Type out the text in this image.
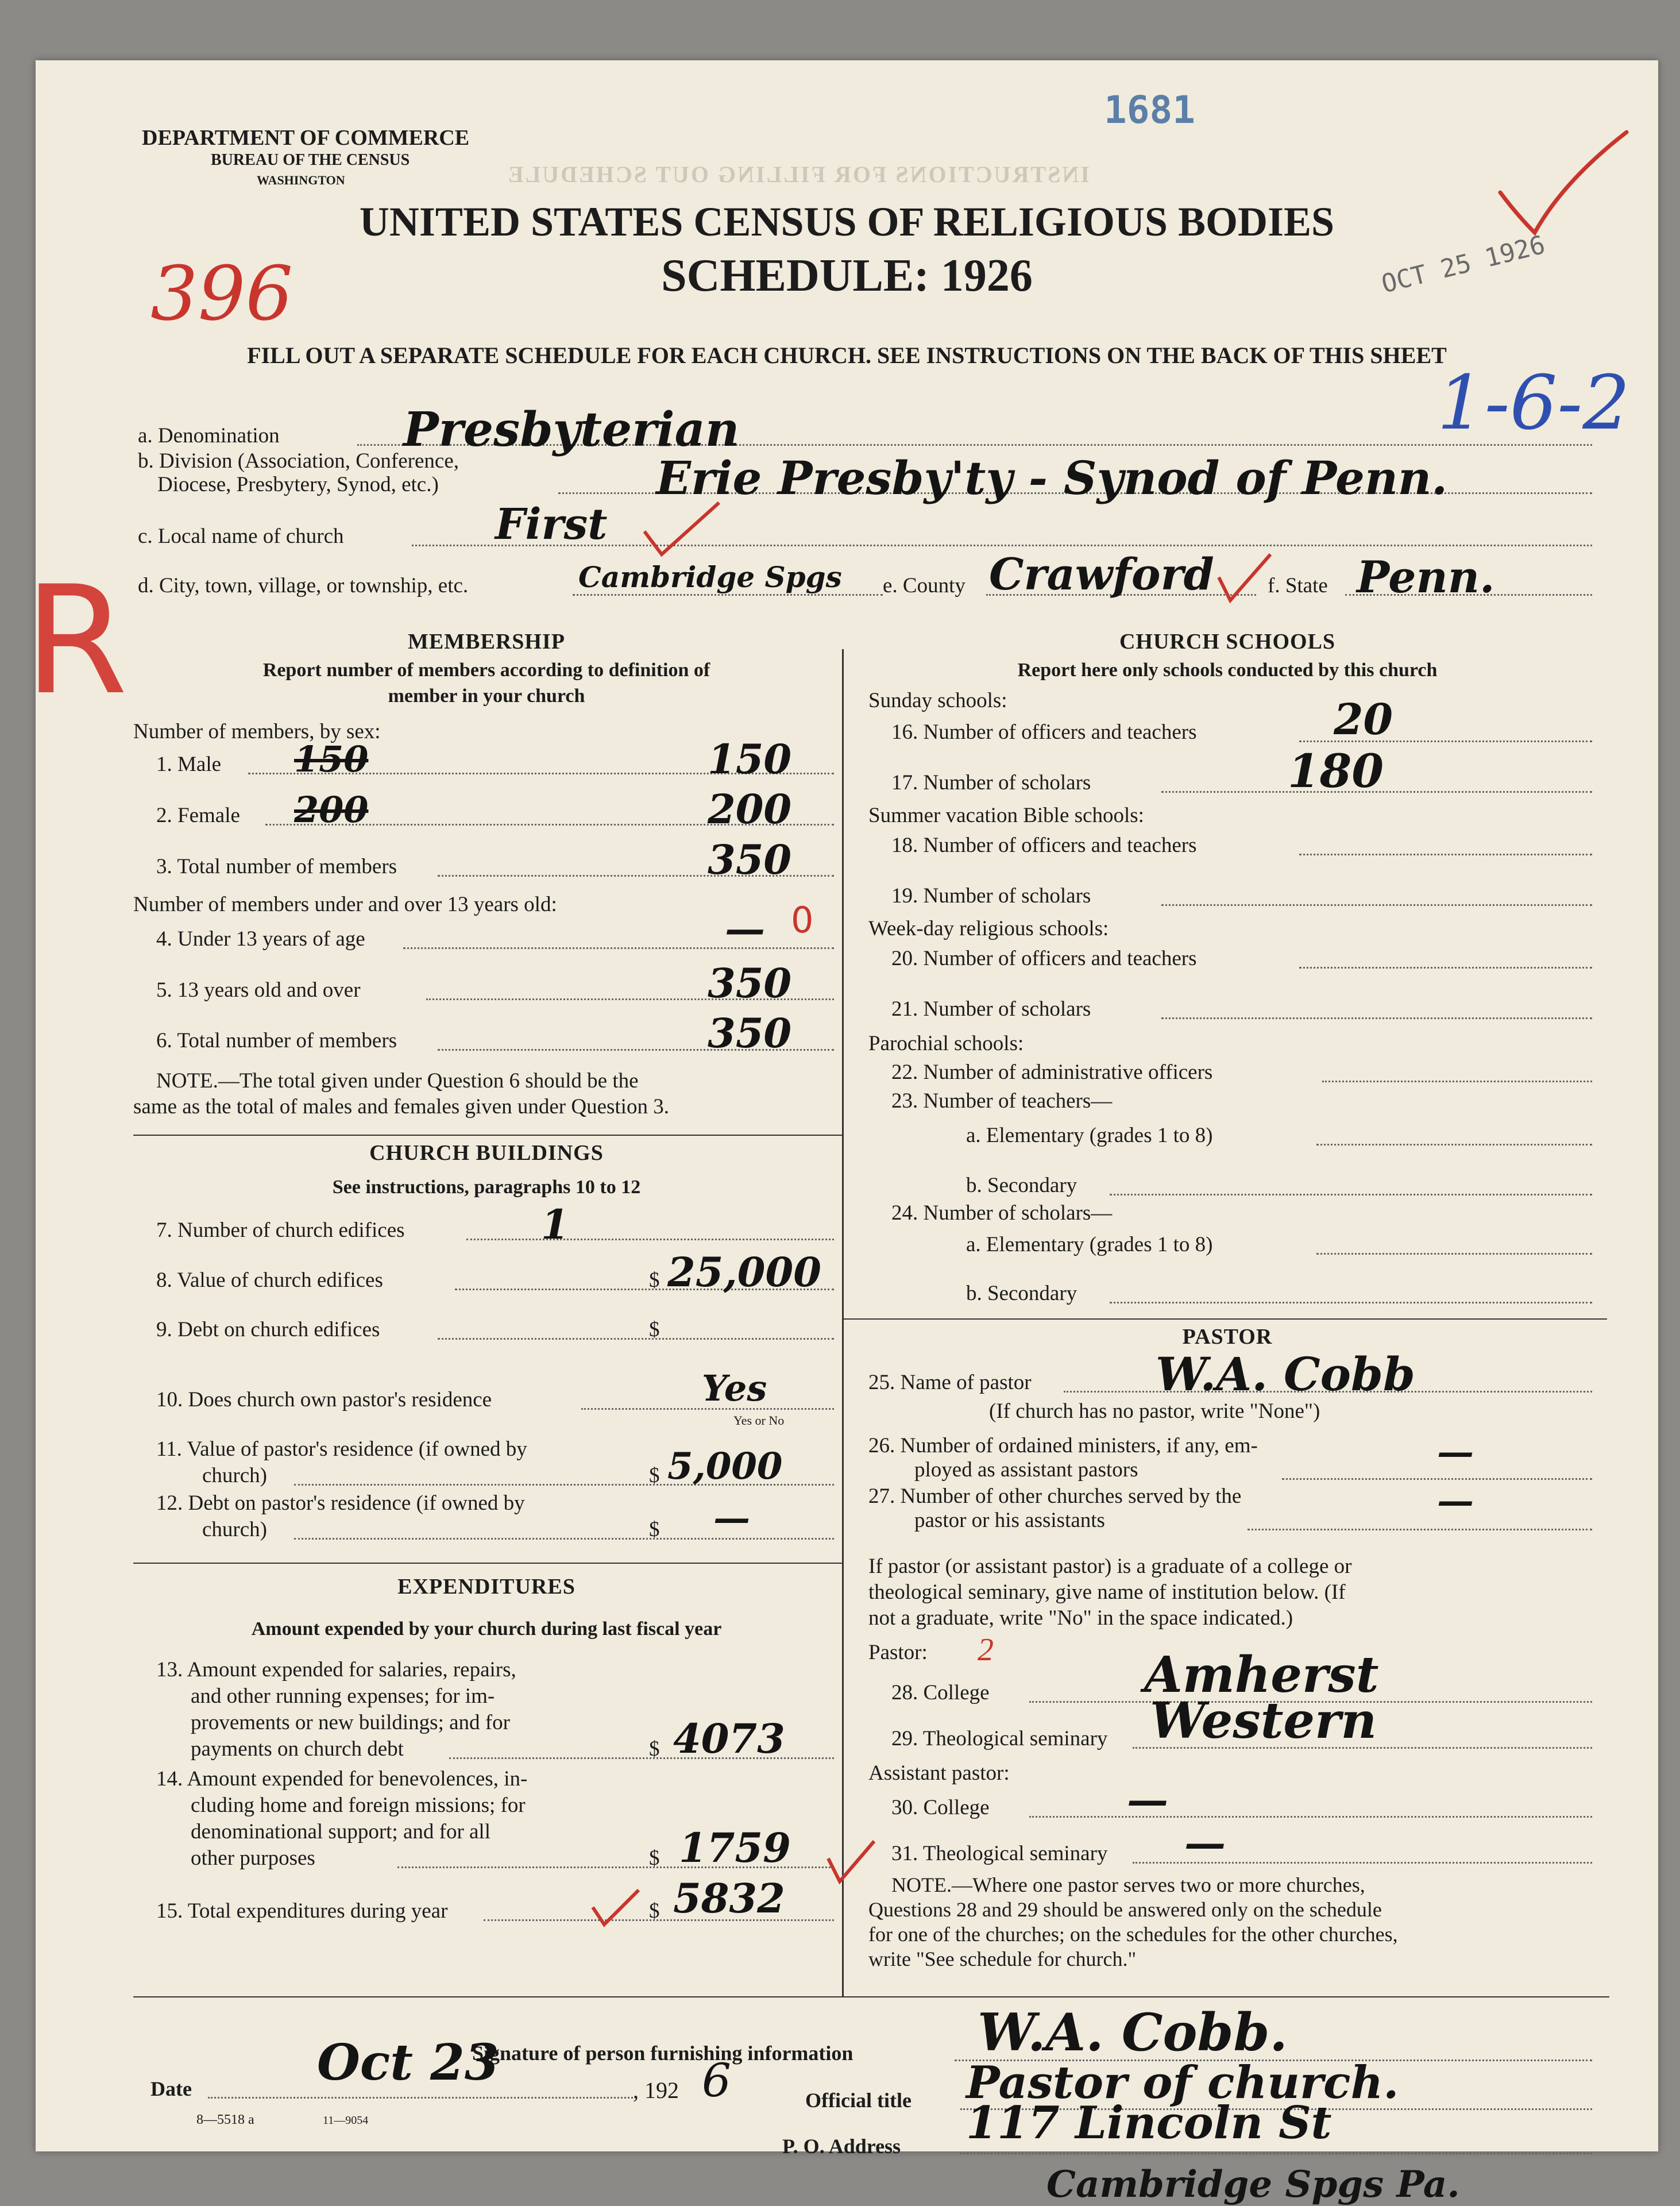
INSTRUCTIONS FOR FILLING OUT SCHEDULE
1681
DEPARTMENT OF COMMERCE
BUREAU OF THE CENSUS
WASHINGTON
UNITED STATES CENSUS OF RELIGIOUS BODIES
SCHEDULE: 1926
396	OCT 25 1926
FILL OUT A SEPARATE SCHEDULE FOR EACH CHURCH. SEE INSTRUCTIONS ON THE BACK OF THIS SHEET
1-6-2
R
a. Denomination	Presbyterian
b. Division (Association, Conference,
Diocese, Presbytery, Synod, etc.)	Erie Presby'ty - Synod of Penn.
c. Local name of church	First
d. City, town, village, or township, etc.	Cambridge Spgs e. County Crawford	f. State Penn.
MEMBERSHIP
Report number of members according to definition of
member in your church
Number of members, by sex:
1. Male 150	150
2. Female 200	200
3. Total number of members	350
Number of members under and over 13 years old:
4. Under 13 years of age	— 0
5. 13 years old and over	350
6. Total number of members	350
NOTE.—The total given under Question 6 should be the
same as the total of males and females given under Question 3.
CHURCH BUILDINGS
See instructions, paragraphs 10 to 12
7. Number of church edifices	1
8. Value of church edifices	$ 25,000
9. Debt on church edifices	$
10. Does church own pastor's residence	Yes
Yes or No
11. Value of pastor's residence (if owned by
church)	$ 5,000
12. Debt on pastor's residence (if owned by
church)	$ —
EXPENDITURES
Amount expended by your church during last fiscal year
13. Amount expended for salaries, repairs,
and other running expenses; for im-
provements or new buildings; and for
payments on church debt	$ 4073
14. Amount expended for benevolences, in-
cluding home and foreign missions; for
denominational support; and for all
other purposes	$ 1759
15. Total expenditures during year	$ 5832
CHURCH SCHOOLS
Report here only schools conducted by this church
Sunday schools:
16. Number of officers and teachers	20
17. Number of scholars	180
Summer vacation Bible schools:
18. Number of officers and teachers
19. Number of scholars
Week-day religious schools:
20. Number of officers and teachers
21. Number of scholars
Parochial schools:
22. Number of administrative officers
23. Number of teachers—
a. Elementary (grades 1 to 8)
b. Secondary
24. Number of scholars—
a. Elementary (grades 1 to 8)
b. Secondary
PASTOR
25. Name of pastor	W.A. Cobb
(If church has no pastor, write "None")
26. Number of ordained ministers, if any, em-
ployed as assistant pastors	—
27. Number of other churches served by the
pastor or his assistants	—
If pastor (or assistant pastor) is a graduate of a college or
theological seminary, give name of institution below. (If
not a graduate, write "No" in the space indicated.)
Pastor: 2
28. College	Amherst
29. Theological seminary Western
Assistant pastor:
30. College	—
31. Theological seminary —
NOTE.—Where one pastor serves two or more churches,
Questions 28 and 29 should be answered only on the schedule
for one of the churches; on the schedules for the other churches,
write "See schedule for church."
Signature of person furnishing information W.A. Cobb.
Official title Pastor of church.
P. O. Address 117 Lincoln St
Cambridge Spgs Pa.
Date	Oct 23	, 192 6
8—5518 a	11—9054
